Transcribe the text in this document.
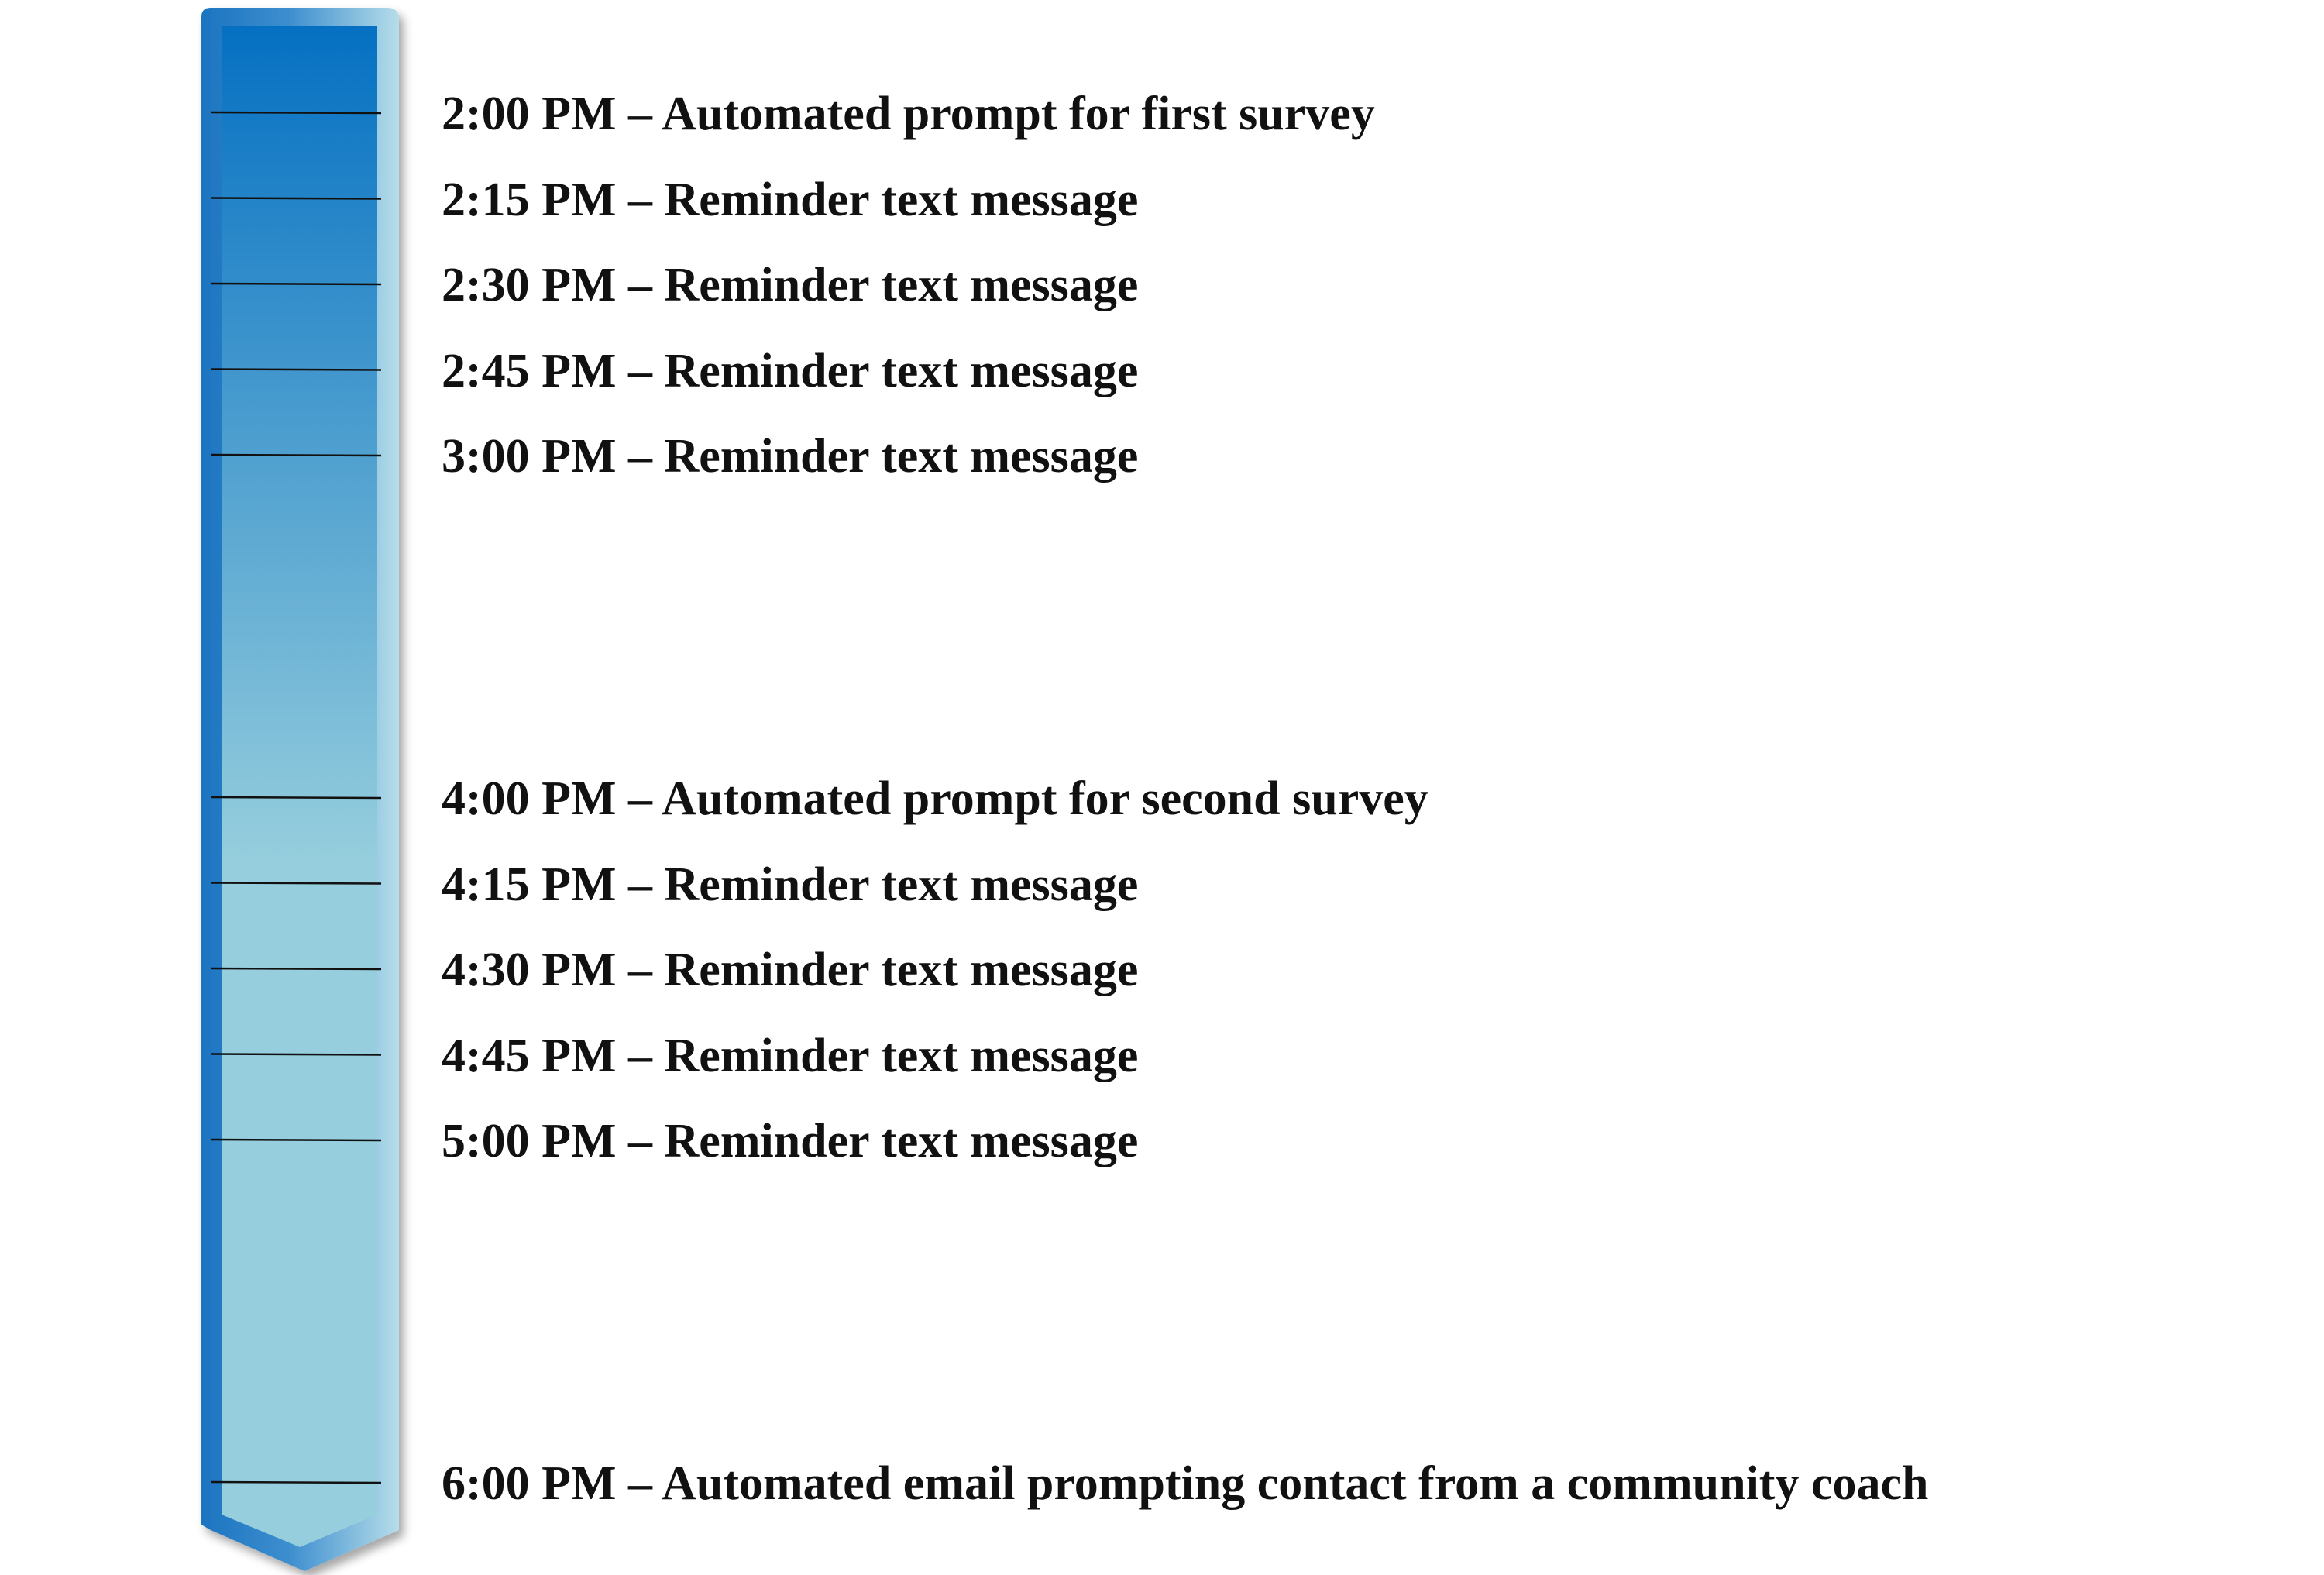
2:00 PM – Automated prompt for first survey
2:15 PM – Reminder text message
2:30 PM – Reminder text message
2:45 PM – Reminder text message
3:00 PM – Reminder text message
4:00 PM – Automated prompt for second survey
4:15 PM – Reminder text message
4:30 PM – Reminder text message
4:45 PM – Reminder text message
5:00 PM – Reminder text message
6:00 PM – Automated email prompting contact from a community coach
